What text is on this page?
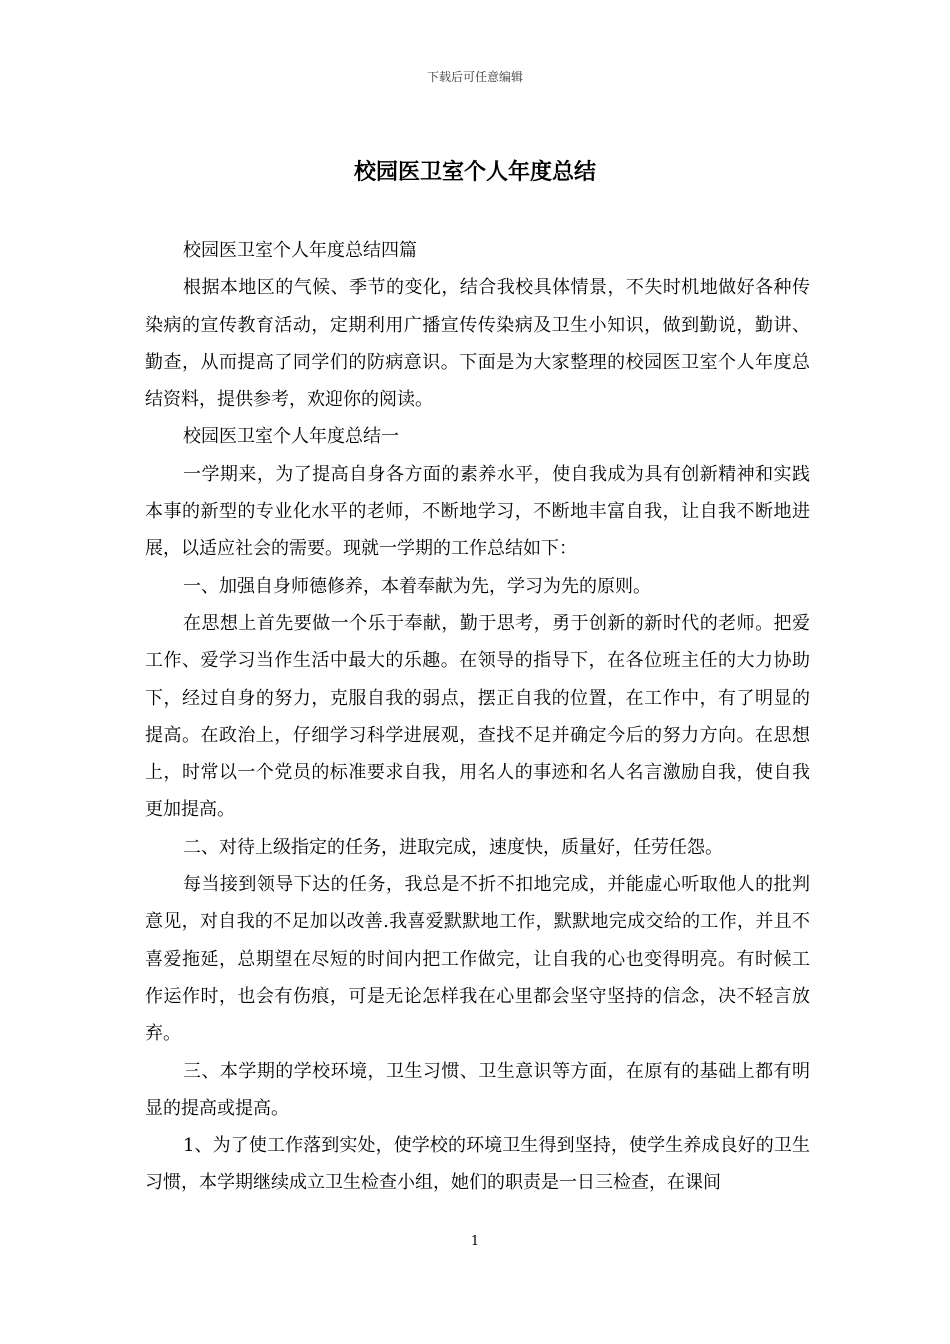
下载后可任意编辑
校园医卫室个人年度总结

校园医卫室个人年度总结四篇

根据本地区的气候、季节的变化，结合我校具体情景，不失时机地做好各种传染病的宣传教育活动，定期利用广播宣传传染病及卫生小知识，做到勤说，勤讲、勤查，从而提高了同学们的防病意识。下面是为大家整理的校园医卫室个人年度总结资料，提供参考，欢迎你的阅读。

校园医卫室个人年度总结一

一学期来，为了提高自身各方面的素养水平，使自我成为具有创新精神和实践本事的新型的专业化水平的老师，不断地学习，不断地丰富自我，让自我不断地进展，以适应社会的需要。现就一学期的工作总结如下：

一、加强自身师德修养，本着奉献为先，学习为先的原则。

在思想上首先要做一个乐于奉献，勤于思考，勇于创新的新时代的老师。把爱工作、爱学习当作生活中最大的乐趣。在领导的指导下，在各位班主任的大力协助下，经过自身的努力，克服自我的弱点，摆正自我的位置，在工作中，有了明显的提高。在政治上，仔细学习科学进展观，查找不足并确定今后的努力方向。在思想上，时常以一个党员的标准要求自我，用名人的事迹和名人名言激励自我，使自我更加提高。

二、对待上级指定的任务，进取完成，速度快，质量好，任劳任怨。

每当接到领导下达的任务，我总是不折不扣地完成，并能虚心听取他人的批判意见，对自我的不足加以改善.我喜爱默默地工作，默默地完成交给的工作，并且不喜爱拖延，总期望在尽短的时间内把工作做完，让自我的心也变得明亮。有时候工作运作时，也会有伤痕，可是无论怎样我在心里都会坚守坚持的信念，决不轻言放弃。

三、本学期的学校环境，卫生习惯、卫生意识等方面，在原有的基础上都有明显的提高或提高。

1、为了使工作落到实处，使学校的环境卫生得到坚持，使学生养成良好的卫生习惯，本学期继续成立卫生检查小组，她们的职责是一日三检查，在课间

1
